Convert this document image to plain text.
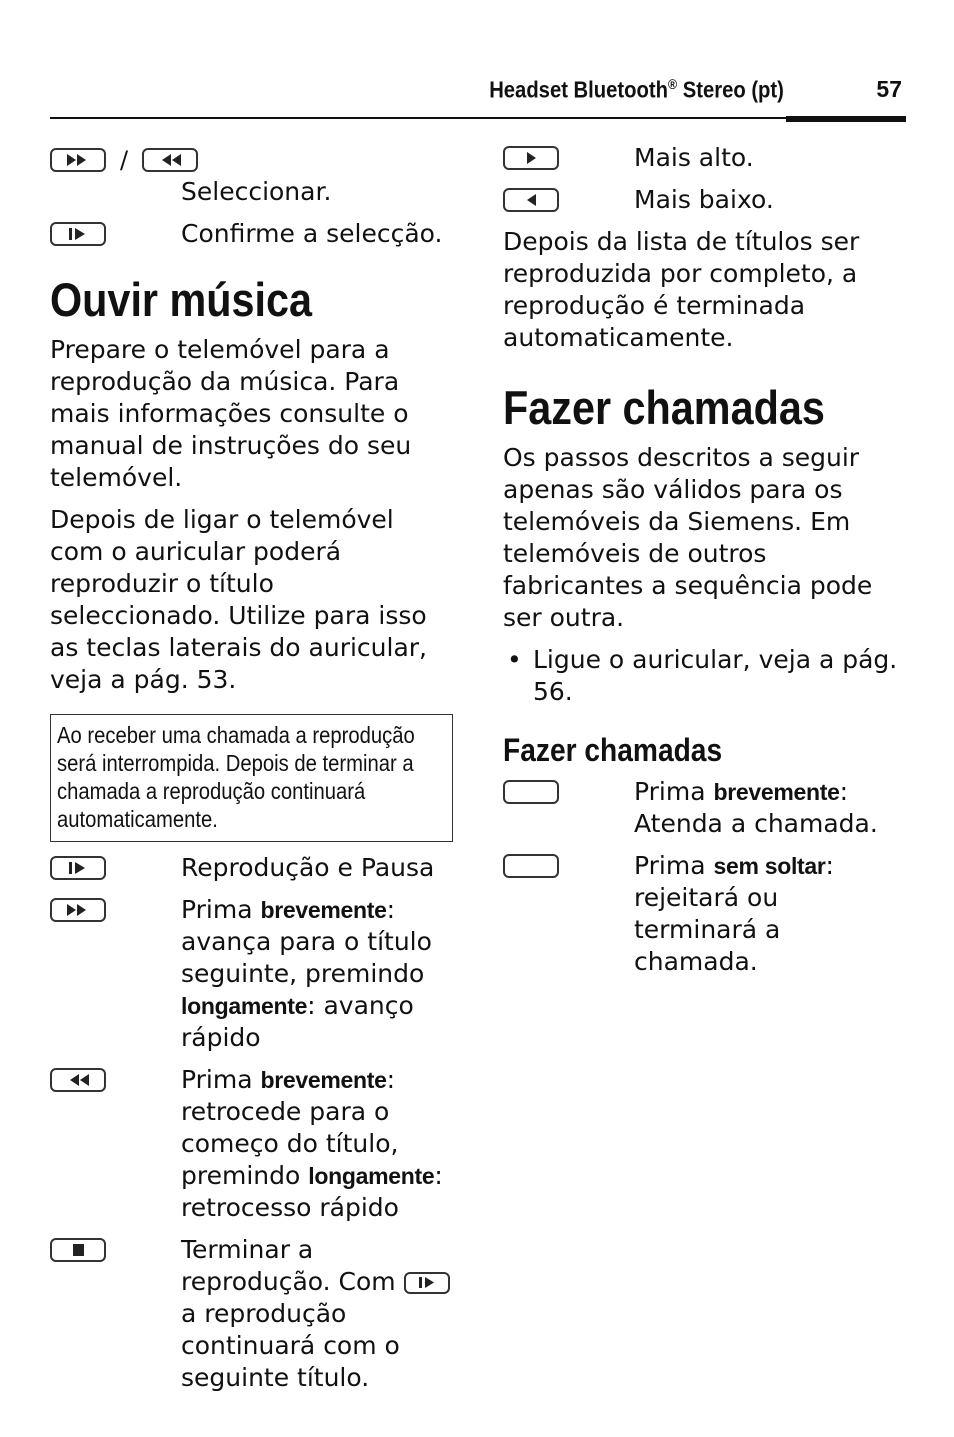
Headset Bluetooth® Stereo (pt)	57
/
Seleccionar.
Confirme a selecção.
Ouvir música
Prepare o telemóvel para a reprodução da música. Para mais informações consulte o manual de instruções do seu telemóvel.
Depois de ligar o telemóvel com o auricular poderá reproduzir o título seleccionado. Utilize para isso as teclas laterais do auricular, veja a pág. 53.
Ao receber uma chamada a reprodução será interrompida. Depois de terminar a chamada a reprodução continuará automaticamente.
Reprodução e Pausa
Prima brevemente: avança para o título seguinte, premindo longamente: avanço rápido
Prima brevemente: retrocede para o começo do título, premindo longamente: retrocesso rápido
Terminar a reprodução. Com
a reprodução continuará com o seguinte título.
Mais alto.
Mais baixo.
Depois da lista de títulos ser reproduzida por completo, a reprodução é terminada automaticamente.
Fazer chamadas
Os passos descritos a seguir apenas são válidos para os telemóveis da Siemens. Em telemóveis de outros fabricantes a sequência pode ser outra.
• Ligue o auricular, veja a pág. 56.
Fazer chamadas
Prima brevemente: Atenda a chamada.
Prima sem soltar: rejeitará ou terminará a chamada.
